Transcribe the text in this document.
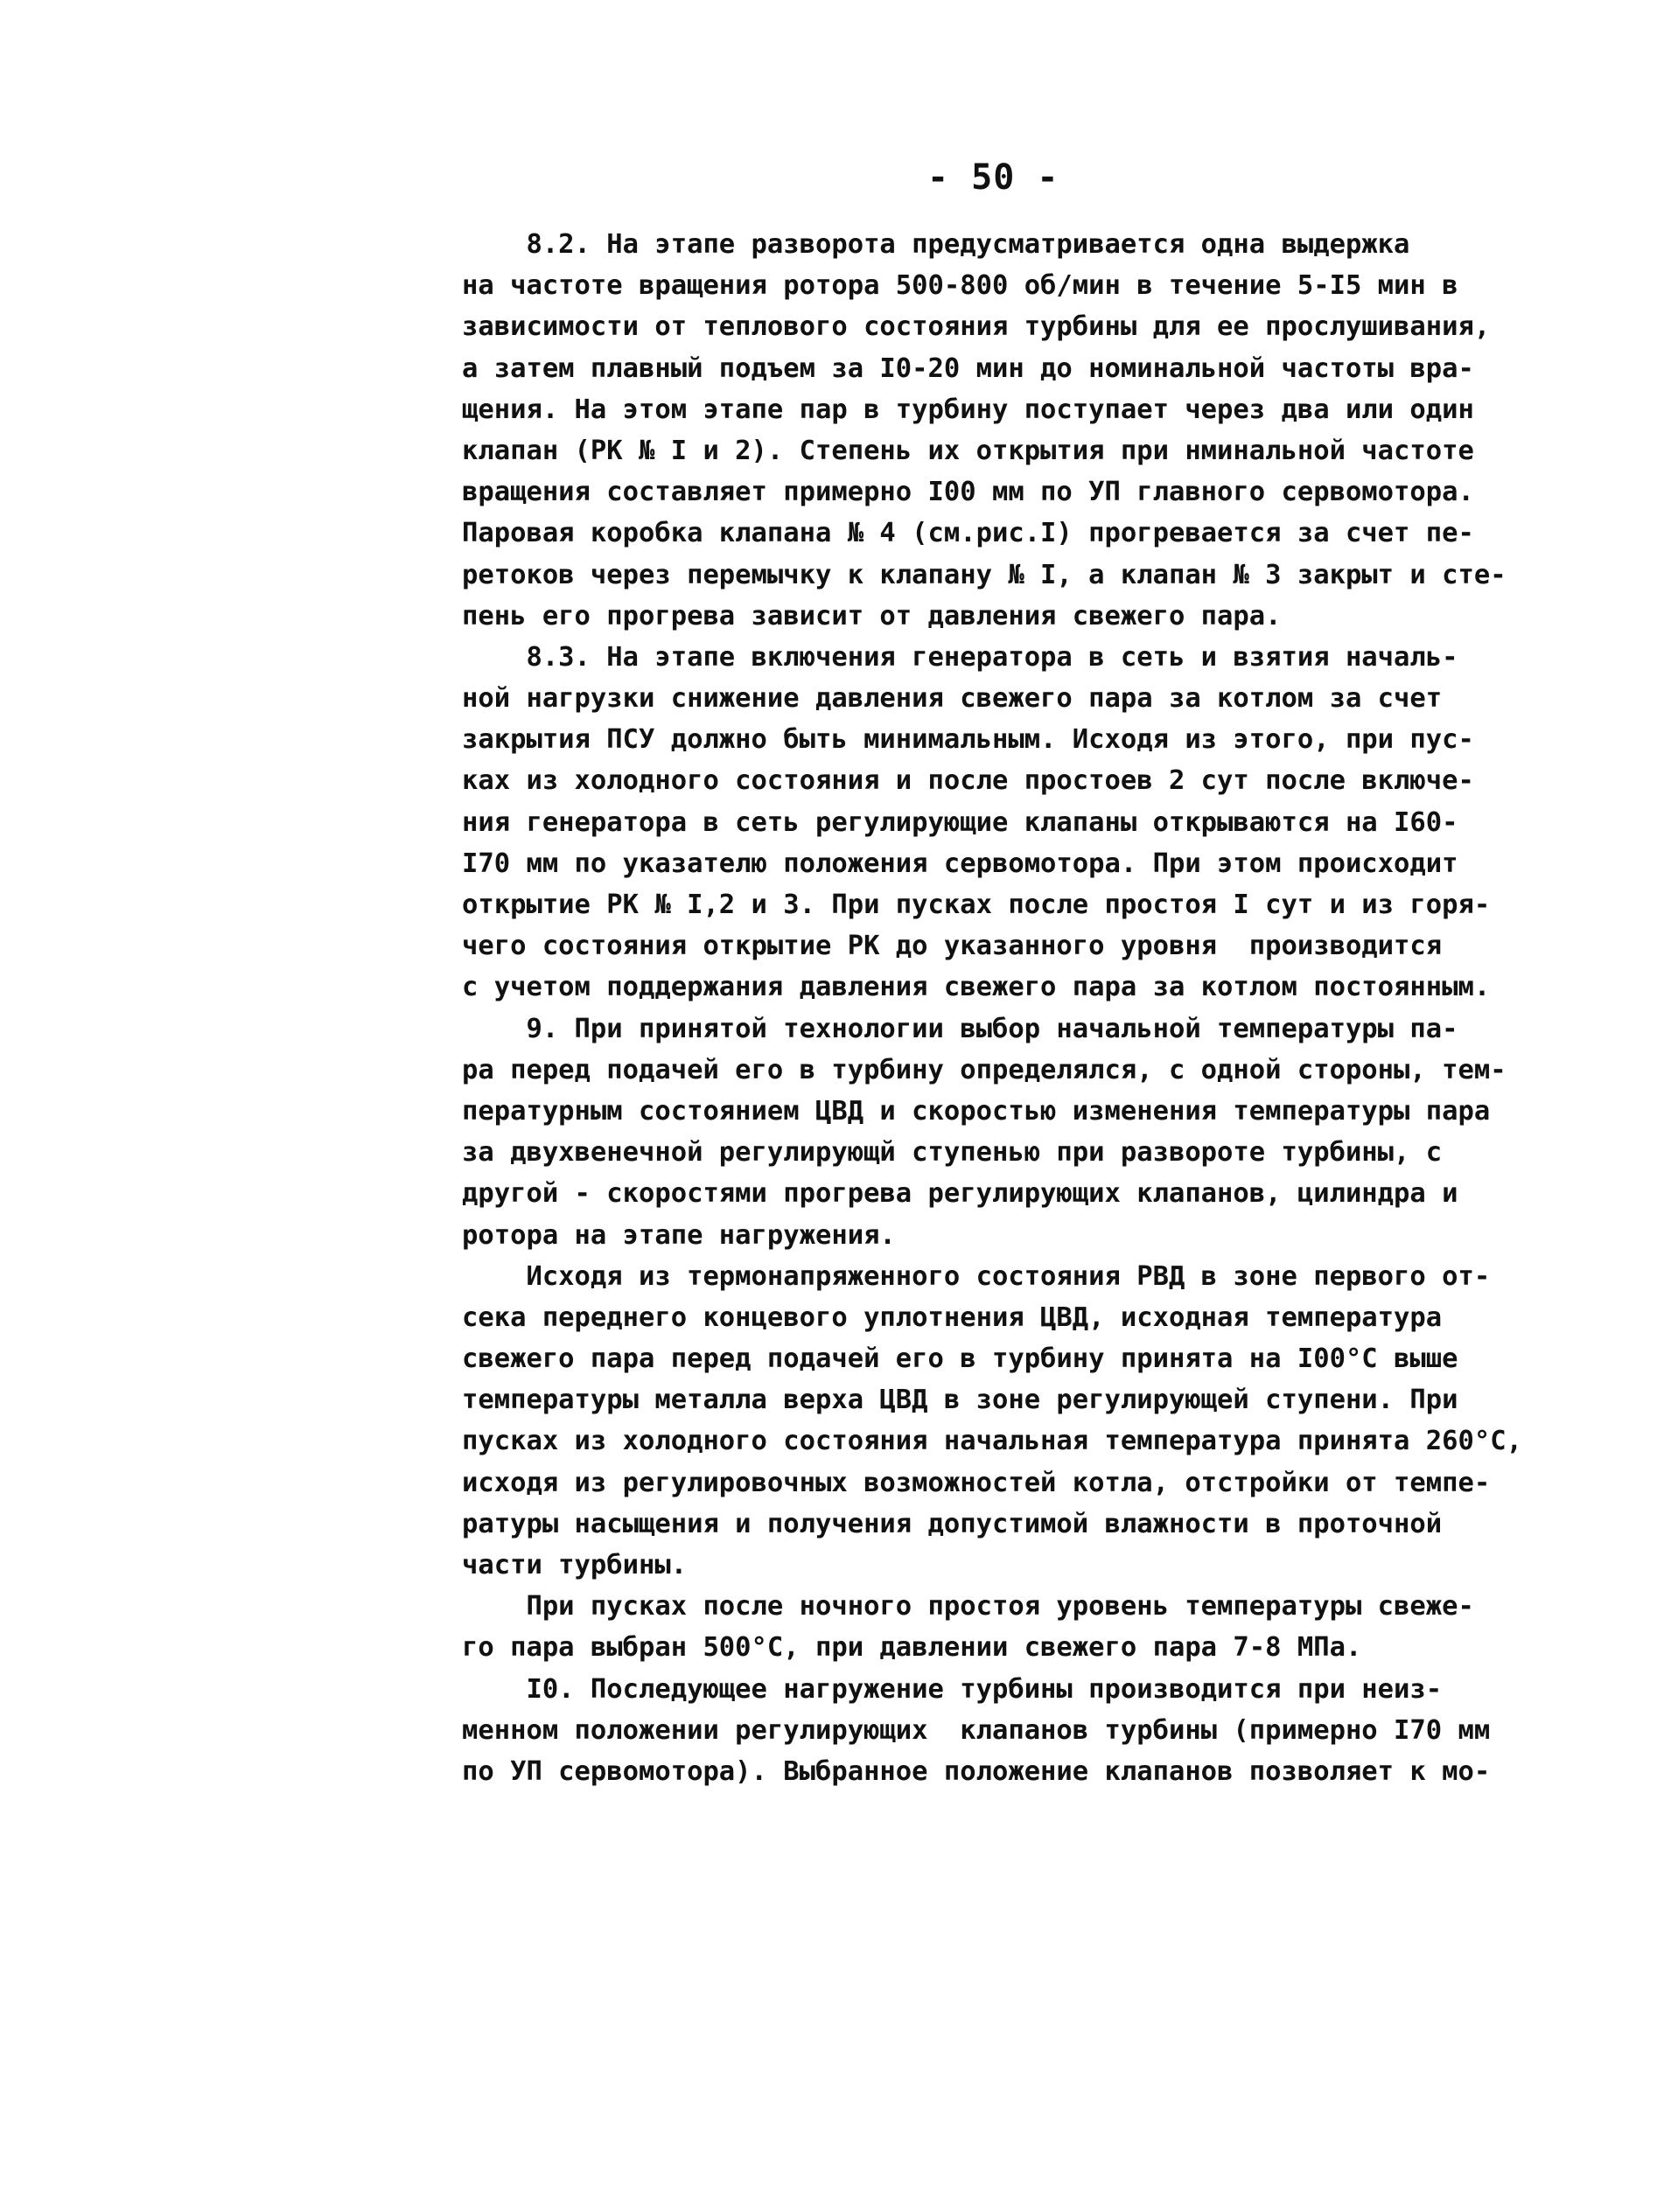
- 50 -
8.2. На этапе разворота предусматривается одна выдержка
на частоте вращения ротора 500-800 об/мин в течение 5-I5 мин в
зависимости от теплового состояния турбины для ее прослушивания,
а затем плавный подъем за I0-20 мин до номинальной частоты вра-
щения. На этом этапе пар в турбину поступает через два или один
клапан (РК № I и 2). Степень их открытия при нминальной частоте
вращения составляет примерно I00 мм по УП главного сервомотора.
Паровая коробка клапана № 4 (см.рис.I) прогревается за счет пе-
ретоков через перемычку к клапану № I, а клапан № 3 закрыт и сте-
пень его прогрева зависит от давления свежего пара.
8.3. На этапе включения генератора в сеть и взятия началь-
ной нагрузки снижение давления свежего пара за котлом за счет
закрытия ПСУ должно быть минимальным. Исходя из этого, при пус-
ках из холодного состояния и после простоев 2 сут после включе-
ния генератора в сеть регулирующие клапаны открываются на I60-
I70 мм по указателю положения сервомотора. При этом происходит
открытие РК № I,2 и 3. При пусках после простоя I сут и из горя-
чего состояния открытие РК до указанного уровня  производится
с учетом поддержания давления свежего пара за котлом постоянным.
9. При принятой технологии выбор начальной температуры па-
ра перед подачей его в турбину определялся, с одной стороны, тем-
пературным состоянием ЦВД и скоростью изменения температуры пара
за двухвенечной регулирующй ступенью при развороте турбины, с
другой - скоростями прогрева регулирующих клапанов, цилиндра и
ротора на этапе нагружения.
Исходя из термонапряженного состояния РВД в зоне первого от-
сека переднего концевого уплотнения ЦВД, исходная температура
свежего пара перед подачей его в турбину принята на I00°С выше
температуры металла верха ЦВД в зоне регулирующей ступени. При
пусках из холодного состояния начальная температура принята 260°С,
исходя из регулировочных возможностей котла, отстройки от темпе-
ратуры насыщения и получения допустимой влажности в проточной
части турбины.
При пусках после ночного простоя уровень температуры свеже-
го пара выбран 500°С, при давлении свежего пара 7-8 МПа.
I0. Последующее нагружение турбины производится при неиз-
менном положении регулирующих  клапанов турбины (примерно I70 мм
по УП сервомотора). Выбранное положение клапанов позволяет к мо-
